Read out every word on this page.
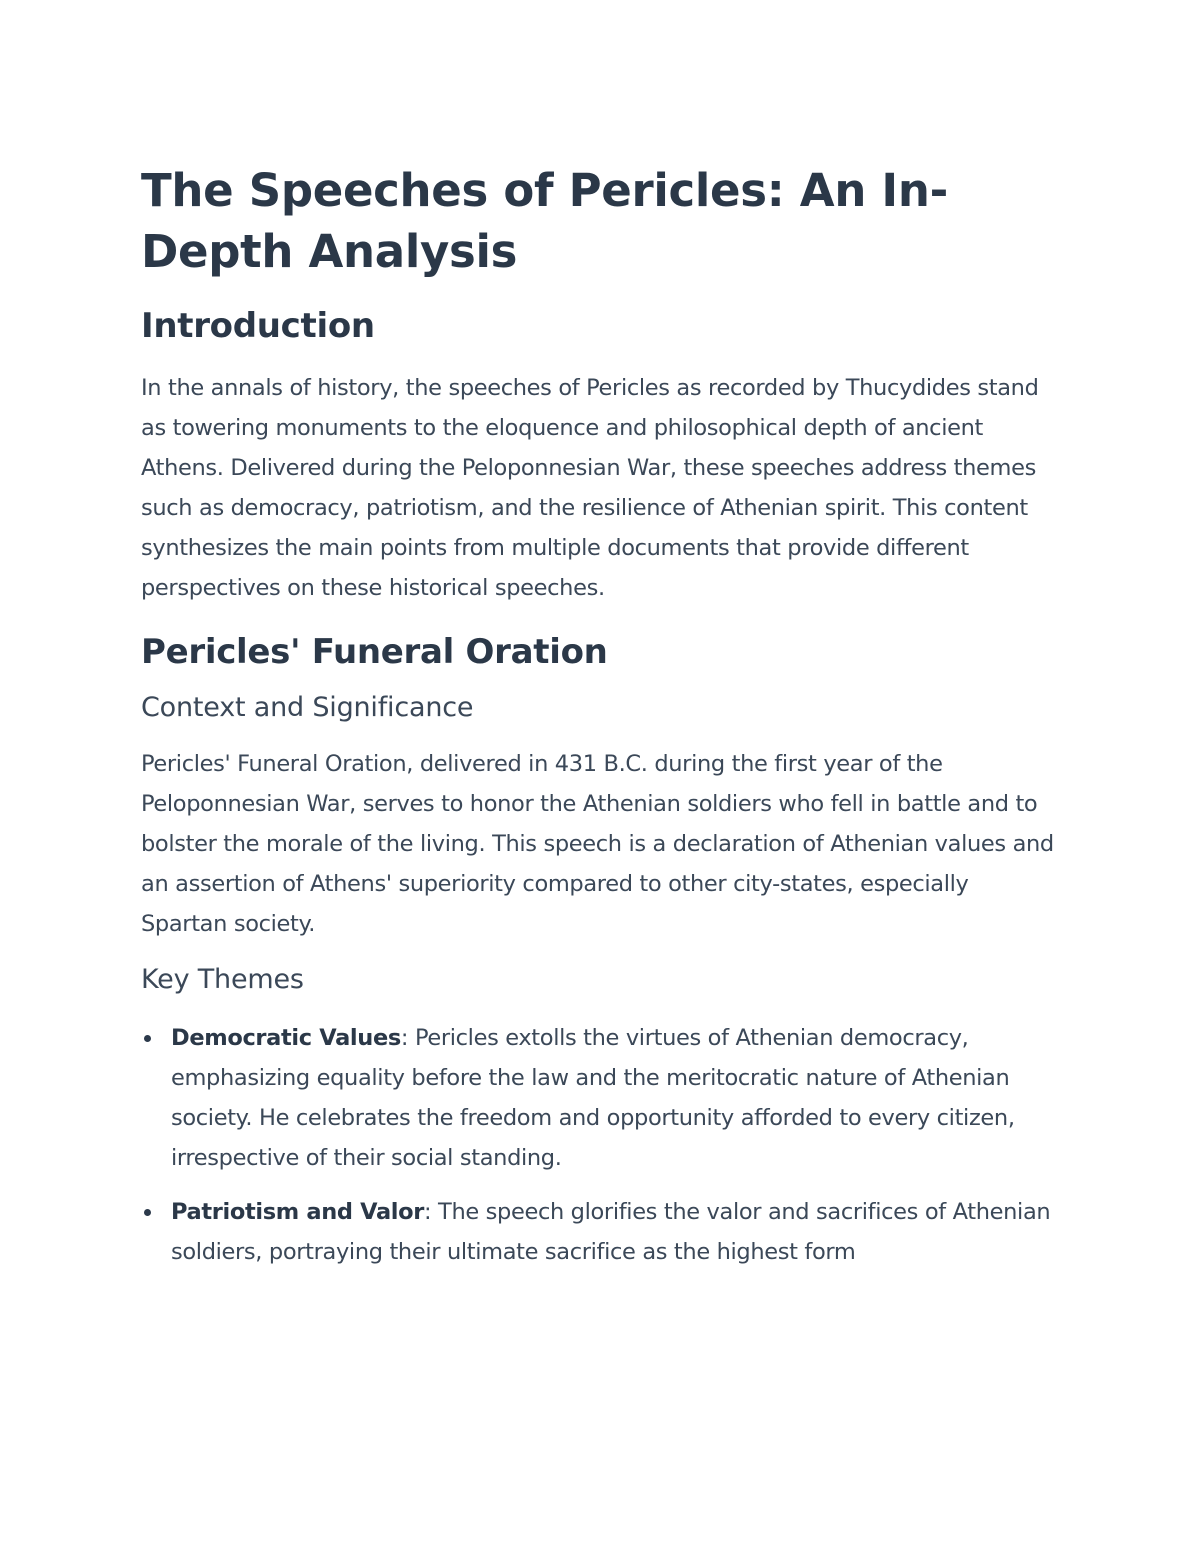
The Speeches of Pericles: An In-Depth Analysis
Introduction

In the annals of history, the speeches of Pericles as recorded by Thucydides stand as towering monuments to the eloquence and philosophical depth of ancient Athens. Delivered during the Peloponnesian War, these speeches address themes such as democracy, patriotism, and the resilience of Athenian spirit. This content synthesizes the main points from multiple documents that provide different perspectives on these historical speeches.

Pericles' Funeral Oration
Context and Significance

Pericles' Funeral Oration, delivered in 431 B.C. during the first year of the Peloponnesian War, serves to honor the Athenian soldiers who fell in battle and to bolster the morale of the living. This speech is a declaration of Athenian values and an assertion of Athens' superiority compared to other city-states, especially Spartan society.

Key Themes
Democratic Values: Pericles extolls the virtues of Athenian democracy, emphasizing equality before the law and the meritocratic nature of Athenian society. He celebrates the freedom and opportunity afforded to every citizen, irrespective of their social standing.
Patriotism and Valor: The speech glorifies the valor and sacrifices of Athenian soldiers, portraying their ultimate sacrifice as the highest form
